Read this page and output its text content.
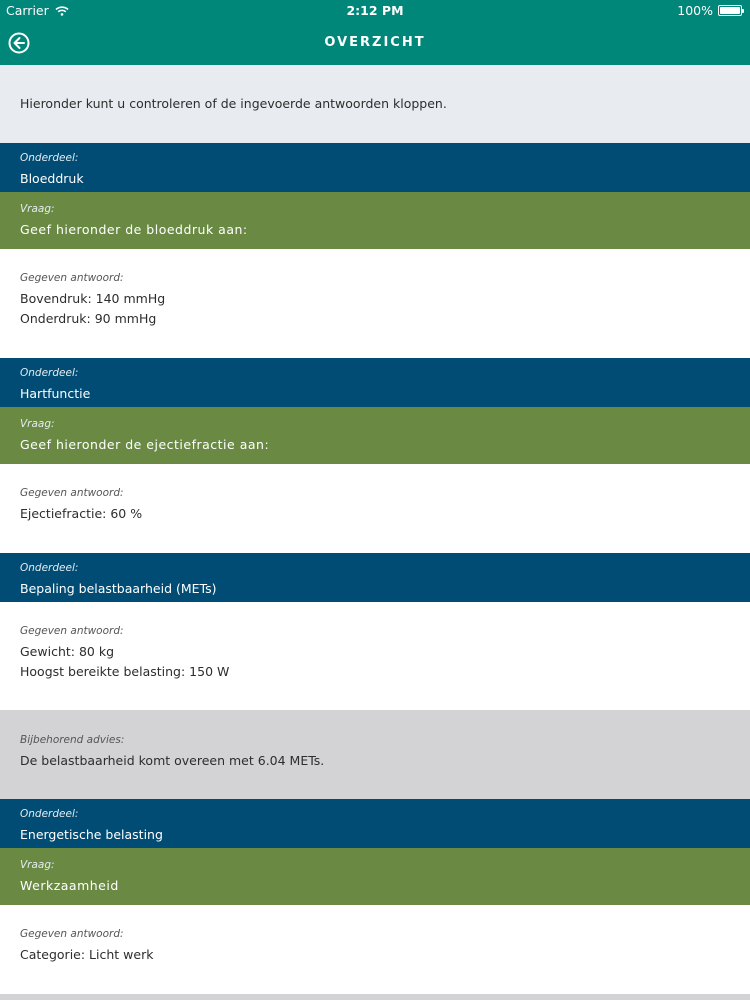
Carrier	2:12 PM	100%
OVERZICHT
Hieronder kunt u controleren of de ingevoerde antwoorden kloppen.
Onderdeel:
Bloeddruk
Vraag:
Geef hieronder de bloeddruk aan:
Gegeven antwoord:
Bovendruk: 140 mmHg
Onderdruk: 90 mmHg
Onderdeel:
Hartfunctie
Vraag:
Geef hieronder de ejectiefractie aan:
Gegeven antwoord:
Ejectiefractie: 60 %
Onderdeel:
Bepaling belastbaarheid (METs)
Gegeven antwoord:
Gewicht: 80 kg
Hoogst bereikte belasting: 150 W
Bijbehorend advies:
De belastbaarheid komt overeen met 6.04 METs.
Onderdeel:
Energetische belasting
Vraag:
Werkzaamheid
Gegeven antwoord:
Categorie: Licht werk
